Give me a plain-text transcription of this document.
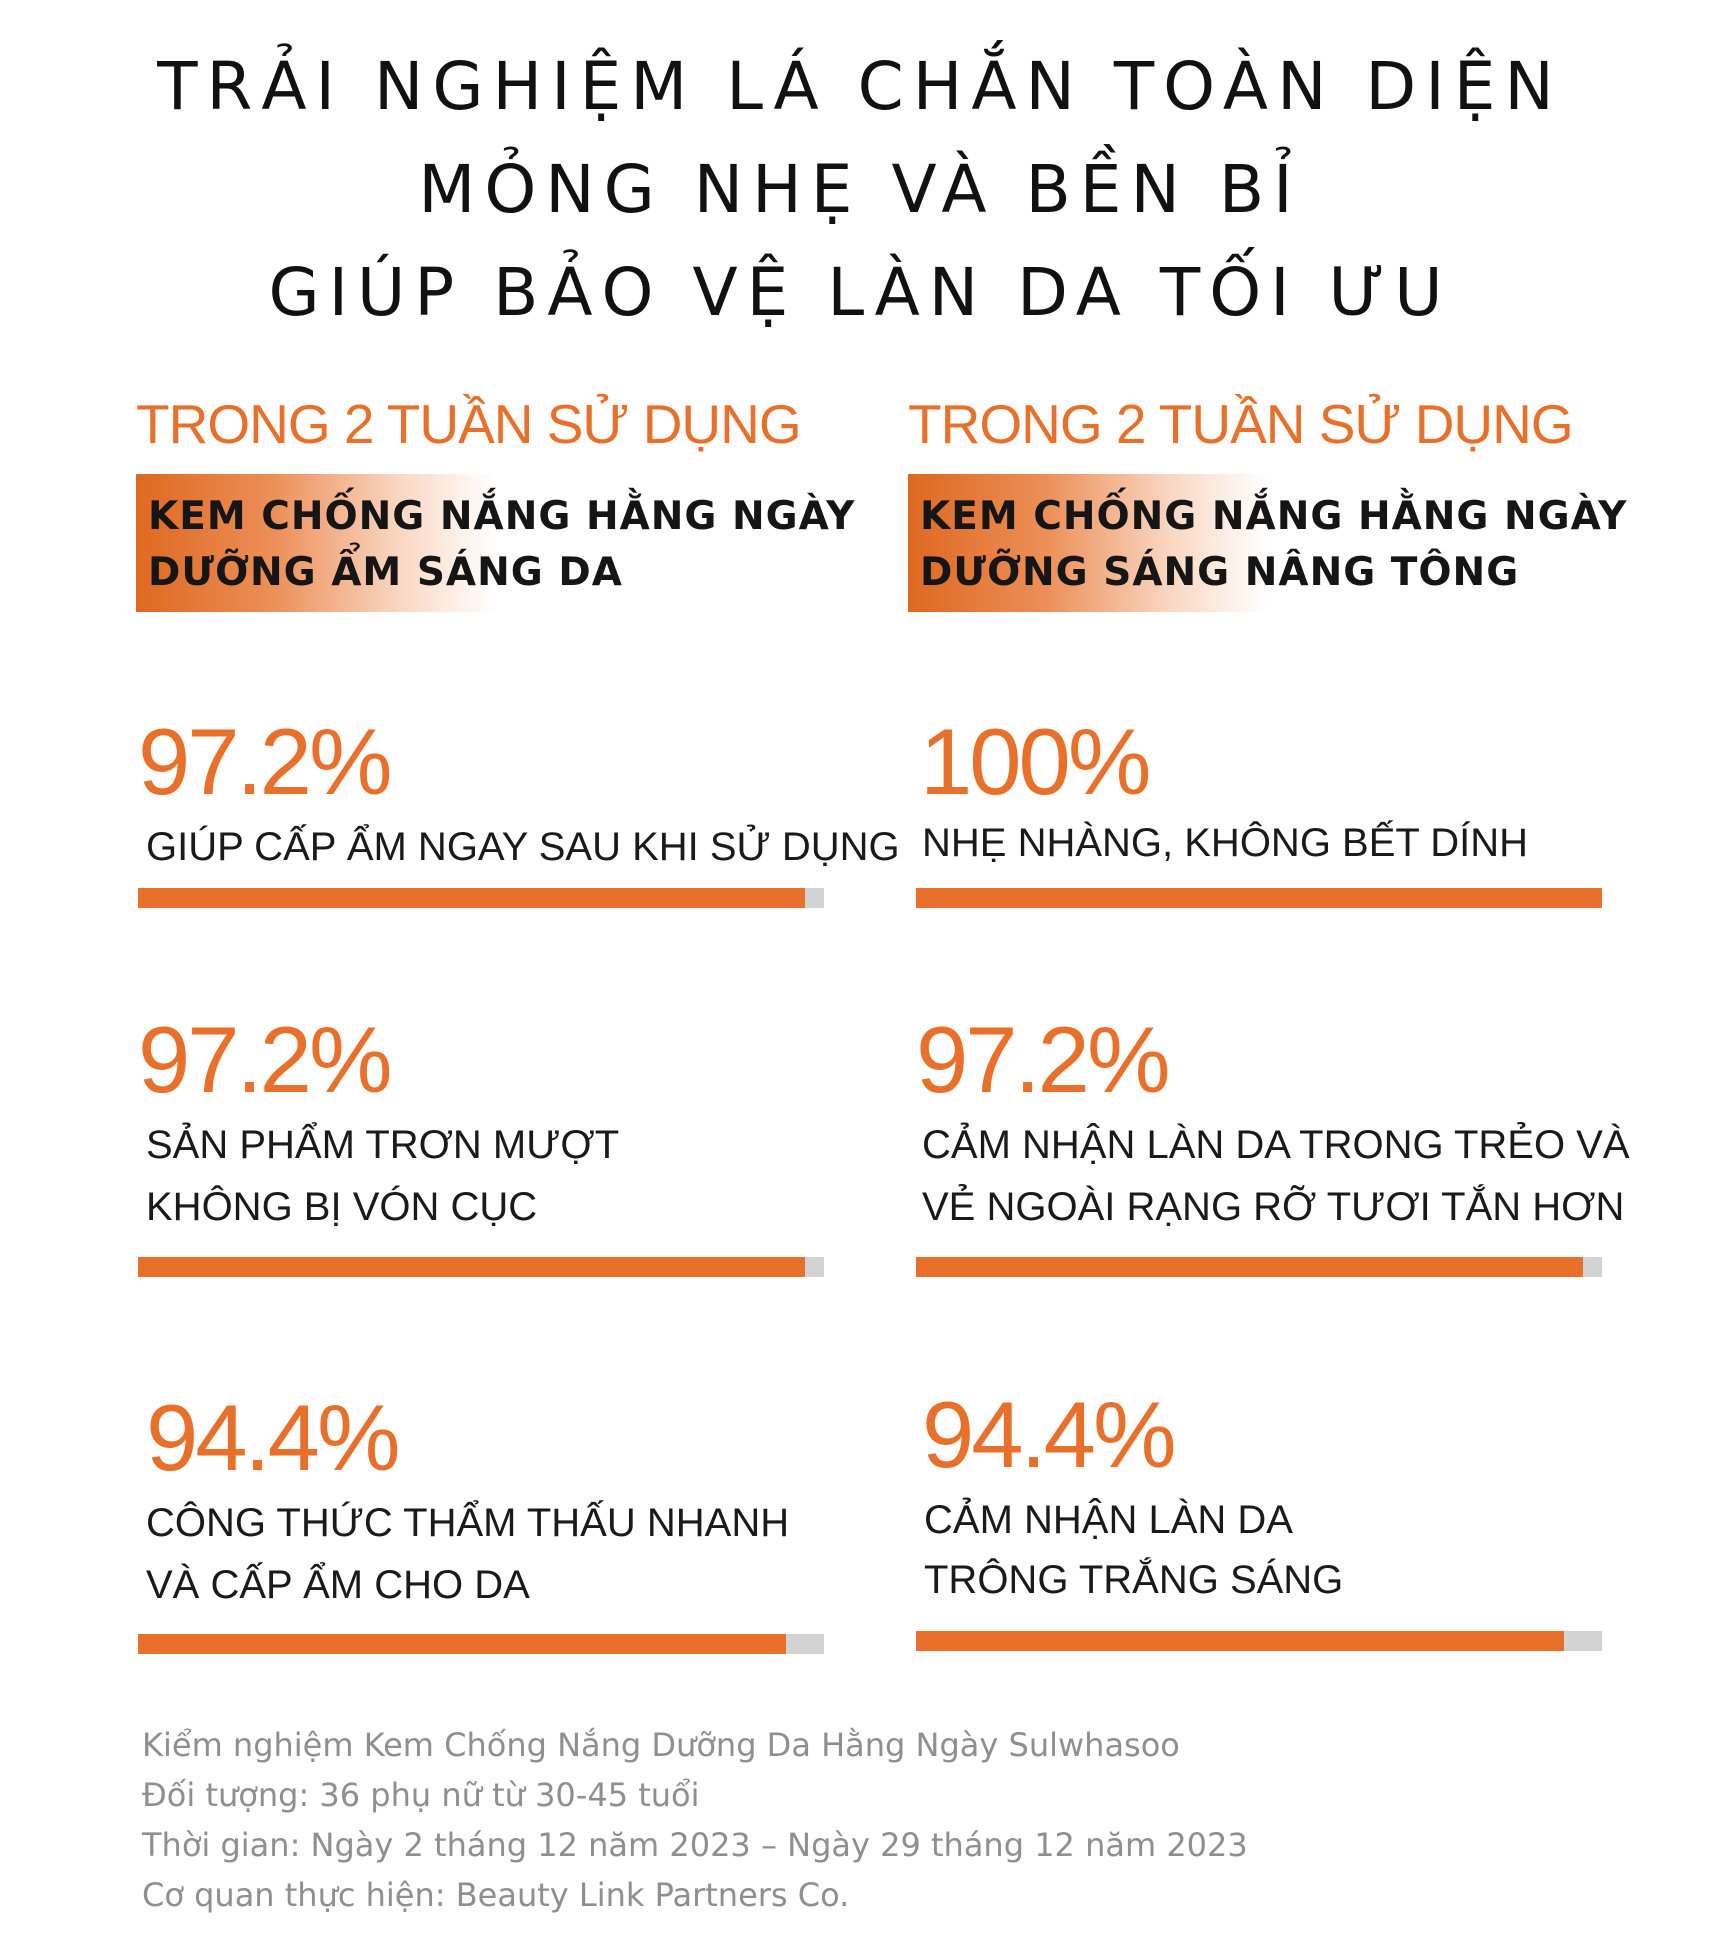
TRẢI NGHIỆM LÁ CHẮN TOÀN DIỆN
MỎNG NHẸ VÀ BỀN BỈ
GIÚP BẢO VỆ LÀN DA TỐI ƯU
TRONG 2 TUẦN SỬ DỤNG
KEM CHỐNG NẮNG HẰNG NGÀY
DƯỠNG ẨM SÁNG DA
97.2%
GIÚP CẤP ẨM NGAY SAU KHI SỬ DỤNG
97.2%
SẢN PHẨM TRƠN MƯỢT
KHÔNG BỊ VÓN CỤC
94.4%
CÔNG THỨC THẨM THẤU NHANH
VÀ CẤP ẨM CHO DA
TRONG 2 TUẦN SỬ DỤNG
KEM CHỐNG NẮNG HẰNG NGÀY
DƯỠNG SÁNG NÂNG TÔNG
100%
NHẸ NHÀNG, KHÔNG BẾT DÍNH
97.2%
CẢM NHẬN LÀN DA TRONG TRẺO VÀ
VẺ NGOÀI RẠNG RỠ TƯƠI TẮN HƠN
94.4%
CẢM NHẬN LÀN DA
TRÔNG TRẮNG SÁNG
Kiểm nghiệm Kem Chống Nắng Dưỡng Da Hằng Ngày Sulwhasoo
Đối tượng: 36 phụ nữ từ 30-45 tuổi
Thời gian: Ngày 2 tháng 12 năm 2023 – Ngày 29 tháng 12 năm 2023
Cơ quan thực hiện: Beauty Link Partners Co.
